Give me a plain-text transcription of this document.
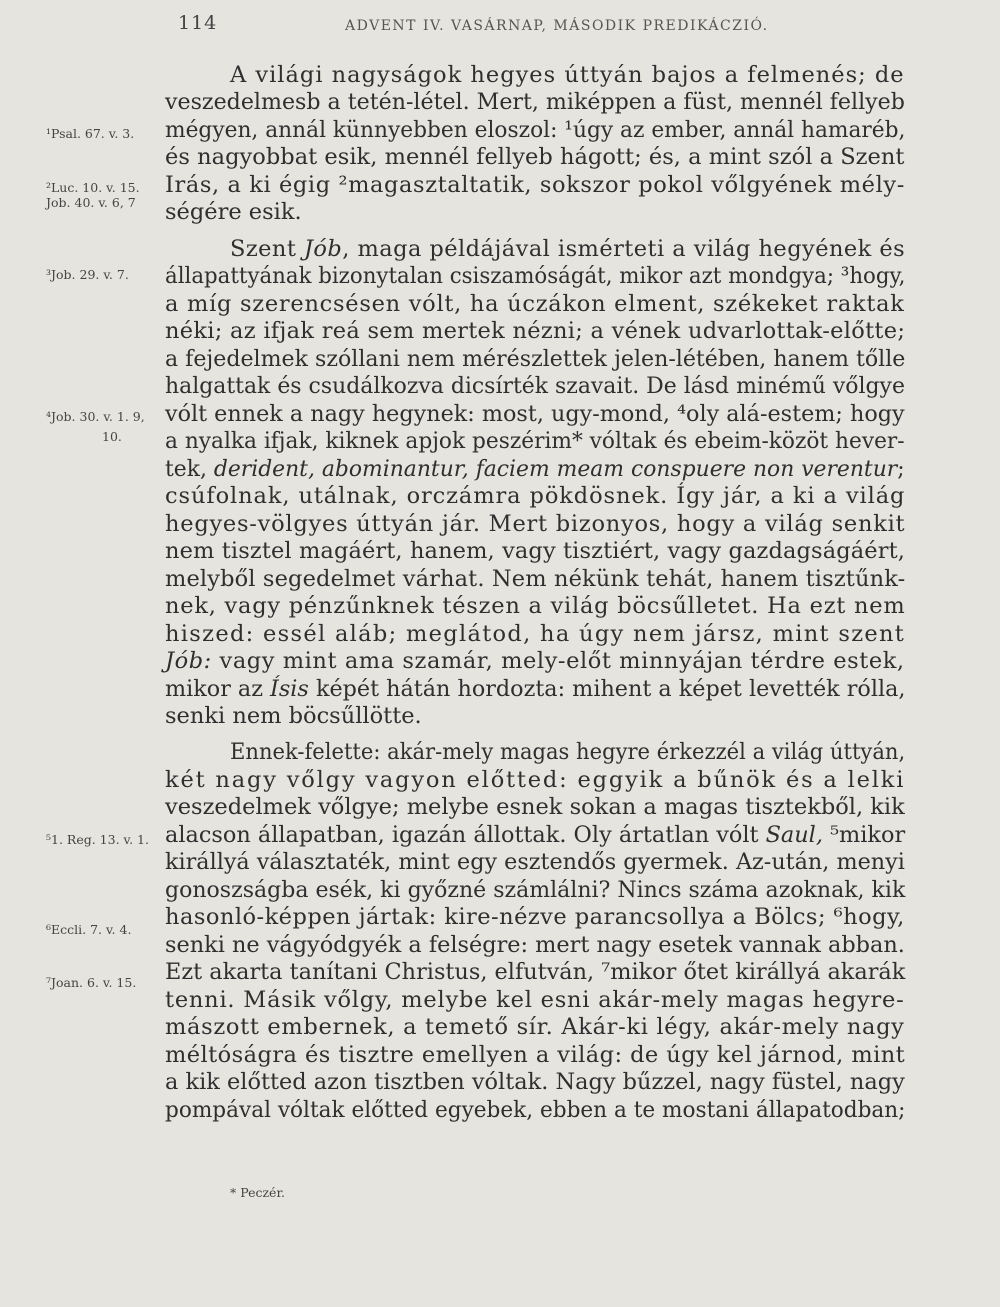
114	ADVENT IV. VASÁRNAP, MÁSODIK PREDIKÁCZIÓ.
¹Psal. 67. v. 3.
²Luc. 10. v. 15.
Job. 40. v. 6, 7
³Job. 29. v. 7.
⁴Job. 30. v. 1. 9,
10.
⁵1. Reg. 13. v. 1.
⁶Eccli. 7. v. 4.
⁷Joan. 6. v. 15.
A világi nagyságok hegyes úttyán bajos a felmenés; de
veszedelmesb a tetén-létel. Mert, miképpen a füst, mennél fellyeb
mégyen, annál künnyebben eloszol: ¹úgy az ember, annál hamaréb,
és nagyobbat esik, mennél fellyeb hágott; és, a mint szól a Szent
Irás, a ki égig ²magasztaltatik, sokszor pokol vőlgyének mély-
ségére esik.
Szent Jób, maga példájával ismérteti a világ hegyének és
állapattyának bizonytalan csiszamóságát, mikor azt mondgya; ³hogy,
a míg szerencsésen vólt, ha úczákon elment, székeket raktak
néki; az ifjak reá sem mertek nézni; a vének udvarlottak-előtte;
a fejedelmek szóllani nem mérészlettek jelen-létében, hanem tőlle
halgattak és csudálkozva dicsírték szavait. De lásd minémű vőlgye
vólt ennek a nagy hegynek: most, ugy-mond, ⁴oly alá-estem; hogy
a nyalka ifjak, kiknek apjok peszérim* vóltak és ebeim-közöt hever-
tek, derident, abominantur, faciem meam conspuere non verentur;
csúfolnak, utálnak, orczámra pökdösnek. Így jár, a ki a világ
hegyes-völgyes úttyán jár. Mert bizonyos, hogy a világ senkit
nem tisztel magáért, hanem, vagy tisztiért, vagy gazdagságáért,
melyből segedelmet várhat. Nem nékünk tehát, hanem tisztűnk-
nek, vagy pénzűnknek tészen a világ böcsűlletet. Ha ezt nem
hiszed: essél aláb; meglátod, ha úgy nem jársz, mint szent
Jób: vagy mint ama szamár, mely-előt minnyájan térdre estek,
mikor az Ísis képét hátán hordozta: mihent a képet levették rólla,
senki nem böcsűllötte.
Ennek-felette: akár-mely magas hegyre érkezzél a világ úttyán,
két nagy vőlgy vagyon előtted: eggyik a bűnök és a lelki
veszedelmek vőlgye; melybe esnek sokan a magas tisztekből, kik
alacson állapatban, igazán állottak. Oly ártatlan vólt Saul, ⁵mikor
királlyá választaték, mint egy esztendős gyermek. Az-után, menyi
gonoszságba esék, ki győzné számlálni? Nincs száma azoknak, kik
hasonló-képpen jártak: kire-nézve parancsollya a Bölcs; ⁶hogy,
senki ne vágyódgyék a felségre: mert nagy esetek vannak abban.
Ezt akarta tanítani Christus, elfutván, ⁷mikor őtet királlyá akarák
tenni. Másik vőlgy, melybe kel esni akár-mely magas hegyre-
mászott embernek, a temető sír. Akár-ki légy, akár-mely nagy
méltóságra és tisztre emellyen a világ: de úgy kel járnod, mint
a kik előtted azon tisztben vóltak. Nagy bűzzel, nagy füstel, nagy
pompával vóltak előtted egyebek, ebben a te mostani állapatodban;
* Peczér.
